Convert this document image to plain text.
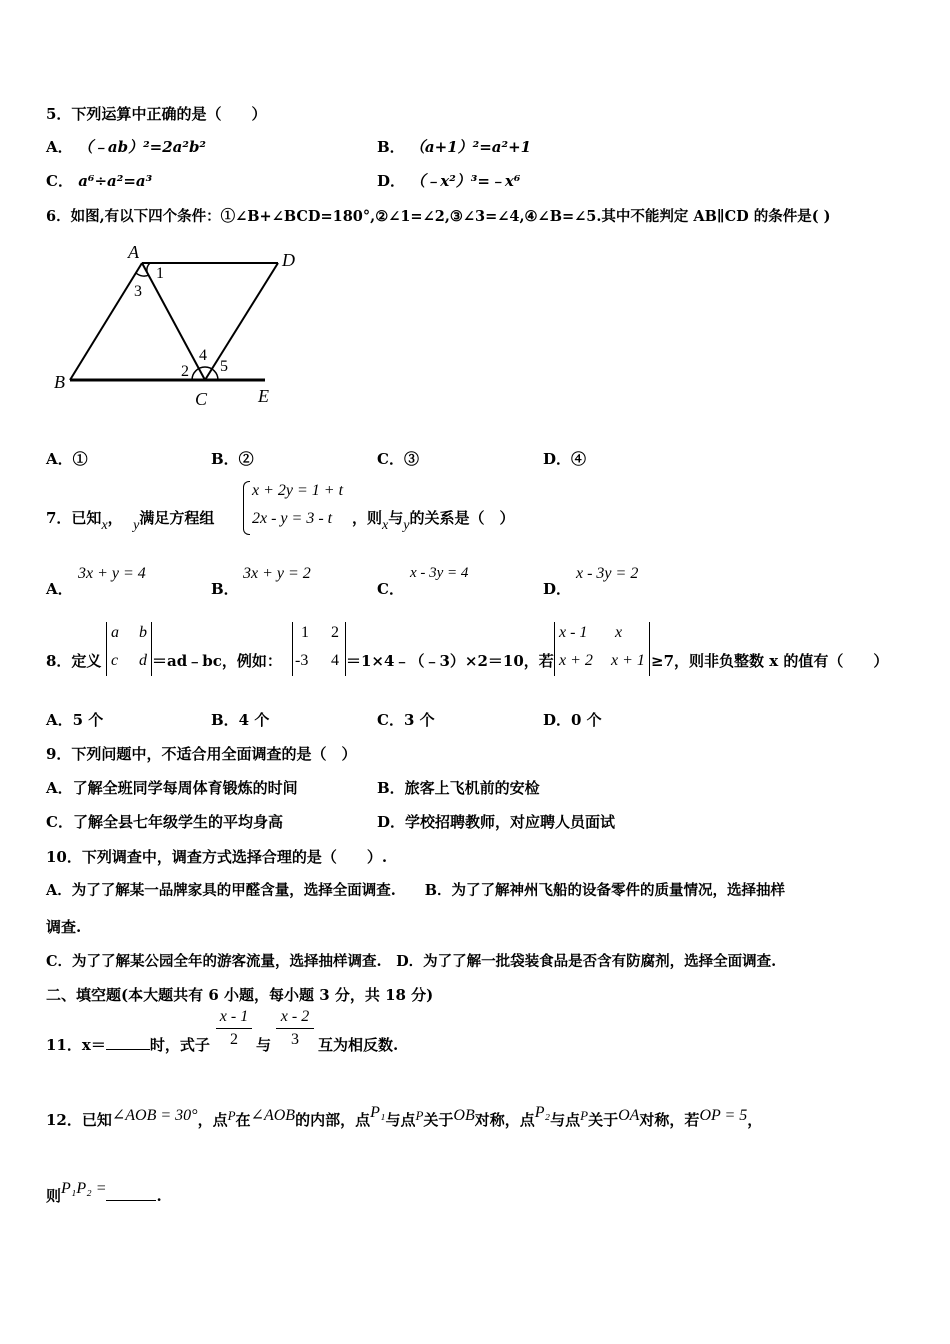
5．下列运算中正确的是（　　）
A． （﹣ab）²=2a²b²	B． （a+1）²=a²+1
C． a⁶÷a²=a³	D． （﹣x²）³=﹣x⁶
6．如图,有以下四个条件：①∠B+∠BCD=180°,②∠1=∠2,③∠3=∠4,④∠B=∠5.其中不能判定 AB∥CD 的条件是( )
A	D
B
C	E
1
3
2
4
5
A．①	B．②	C．③	D．④
7．已知x， y满足方程组
x + 2y = 1 + t
2x - y = 3 - t ，则x与y的关系是（　）
A．
3x + y = 4
B．
3x + y = 2
C．
x - 3y = 4
D．
x - 3y = 2
8．定义
a b
c d ＝ad﹣bc，例如：
1 2
-3 4 ＝1×4﹣（﹣3）×2＝10，若
x - 1 x
x + 2 x + 1 ≥7，则非负整数 x 的值有（　　）
A．5 个	B．4 个	C．3 个	D．0 个
9．下列问题中，不适合用全面调查的是（　）
A．了解全班同学每周体育锻炼的时间	B．旅客上飞机前的安检
C．了解全县七年级学生的平均身高	D．学校招聘教师，对应聘人员面试
10．下列调查中，调查方式选择合理的是（　　）.
A．为了了解某一品牌家具的甲醛含量，选择全面调查.　　B．为了了解神州飞船的设备零件的质量情况，选择抽样
调查.
C．为了了解某公园全年的游客流量，选择抽样调查.　D．为了了解一批袋装食品是否含有防腐剂，选择全面调查.
二、填空题(本大题共有 6 小题，每小题 3 分，共 18 分)
11．x＝	时，式子
x - 1
2	与
x - 2
3	互为相反数.
12．已知∠AOB = 30°，点P在∠AOB的内部，点P₁与点P关于OB对称，点P₂与点P关于OA对称，若OP = 5，
则P₁P₂ =	.
